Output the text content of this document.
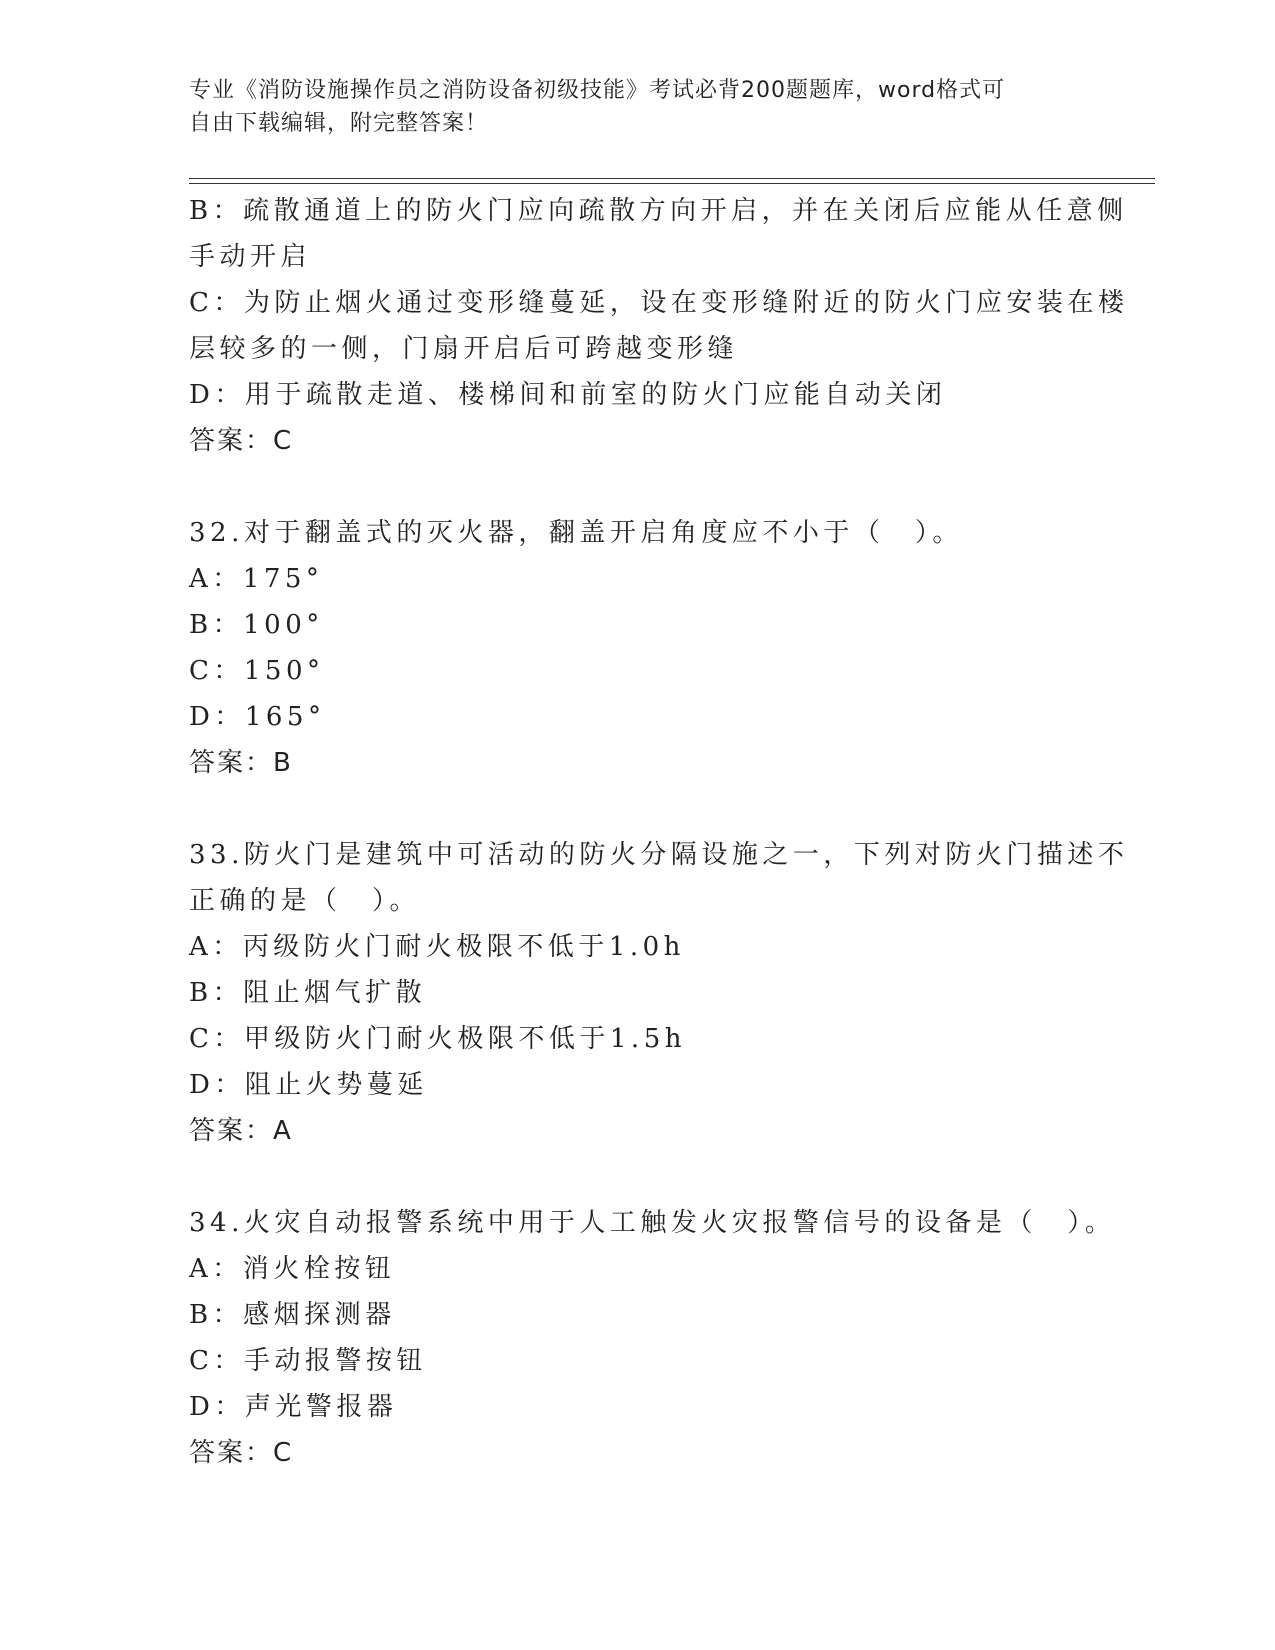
专业《消防设施操作员之消防设备初级技能》考试必背200题题库，word格式可
自由下载编辑，附完整答案！
B：疏散通道上的防火门应向疏散方向开启，并在关闭后应能从任意侧
手动开启
C：为防止烟火通过变形缝蔓延，设在变形缝附近的防火门应安装在楼
层较多的一侧，门扇开启后可跨越变形缝
D：用于疏散走道、楼梯间和前室的防火门应能自动关闭
答案：C
32.对于翻盖式的灭火器，翻盖开启角度应不小于（　）。
A：175°
B：100°
C：150°
D：165°
答案：B
33.防火门是建筑中可活动的防火分隔设施之一，下列对防火门描述不
正确的是（　）。
A：丙级防火门耐火极限不低于1.0h
B：阻止烟气扩散
C：甲级防火门耐火极限不低于1.5h
D：阻止火势蔓延
答案：A
34.火灾自动报警系统中用于人工触发火灾报警信号的设备是（　）。
A：消火栓按钮
B：感烟探测器
C：手动报警按钮
D：声光警报器
答案：C
